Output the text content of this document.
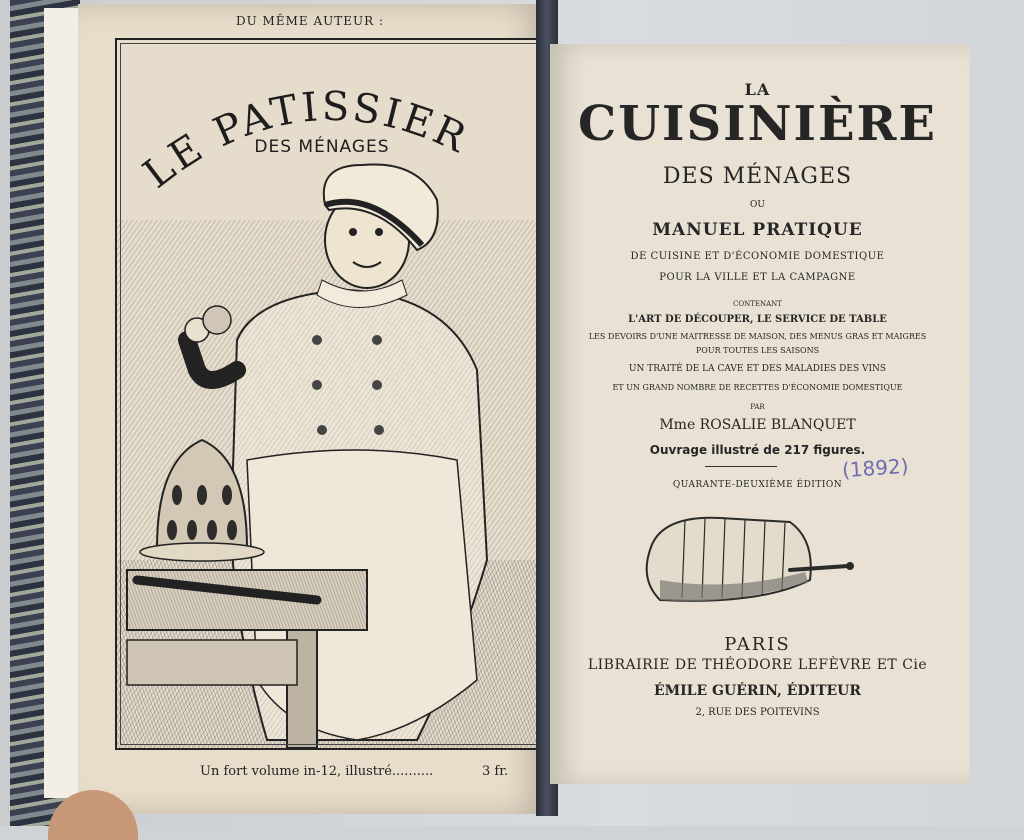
DU MÊME AUTEUR :
LE PATISSIER
DES MÉNAGES
Un fort volume in-12, illustré..........	3 fr.
LA
CUISINIÈRE
DES MÉNAGES
OU
MANUEL PRATIQUE
DE CUISINE ET D'ÉCONOMIE DOMESTIQUE
POUR LA VILLE ET LA CAMPAGNE
CONTENANT
L'ART DE DÉCOUPER, LE SERVICE DE TABLE
LES DEVOIRS D'UNE MAITRESSE DE MAISON, DES MENUS GRAS ET MAIGRES
POUR TOUTES LES SAISONS
UN TRAITÉ DE LA CAVE ET DES MALADIES DES VINS
ET UN GRAND NOMBRE DE RECETTES D'ÉCONOMIE DOMESTIQUE
PAR
Mme ROSALIE BLANQUET
Ouvrage illustré de 217 figures.
QUARANTE-DEUXIÈME ÉDITION
(1892)
PARIS
LIBRAIRIE DE THÉODORE LEFÈVRE ET Cie
ÉMILE GUÉRIN, ÉDITEUR
2, RUE DES POITEVINS
